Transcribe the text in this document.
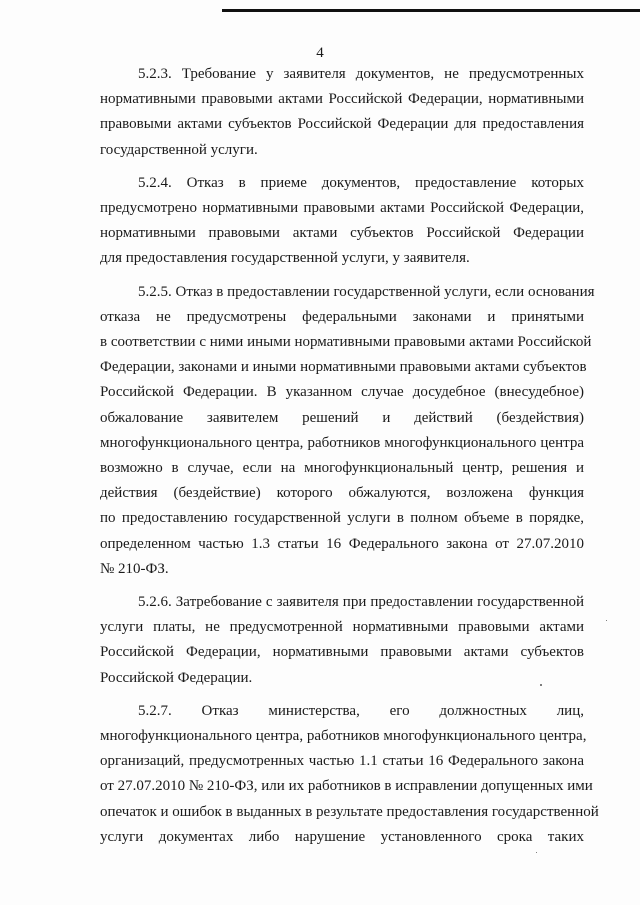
4

5.2.3. Требование у заявителя документов, не предусмотренных
нормативными правовыми актами Российской Федерации, нормативными
правовыми актами субъектов Российской Федерации для предоставления
государственной услуги.

5.2.4. Отказ в приеме документов, предоставление которых
предусмотрено нормативными правовыми актами Российской Федерации,
нормативными правовыми актами субъектов Российской Федерации
для предоставления государственной услуги, у заявителя.

5.2.5. Отказ в предоставлении государственной услуги, если основания
отказа не предусмотрены федеральными законами и принятыми
в соответствии с ними иными нормативными правовыми актами Российской
Федерации, законами и иными нормативными правовыми актами субъектов
Российской Федерации. В указанном случае досудебное (внесудебное)
обжалование заявителем решений и действий (бездействия)
многофункционального центра, работников многофункционального центра
возможно в случае, если на многофункциональный центр, решения и
действия (бездействие) которого обжалуются, возложена функция
по предоставлению государственной услуги в полном объеме в порядке,
определенном частью 1.3 статьи 16 Федерального закона от 27.07.2010
№ 210-ФЗ.

5.2.6. Затребование с заявителя при предоставлении государственной
услуги платы, не предусмотренной нормативными правовыми актами
Российской Федерации, нормативными правовыми актами субъектов
Российской Федерации.

5.2.7. Отказ министерства, его должностных лиц,
многофункционального центра, работников многофункционального центра,
организаций, предусмотренных частью 1.1 статьи 16 Федерального закона
от 27.07.2010 № 210-ФЗ, или их работников в исправлении допущенных ими
опечаток и ошибок в выданных в результате предоставления государственной
услуги документах либо нарушение установленного срока таких
